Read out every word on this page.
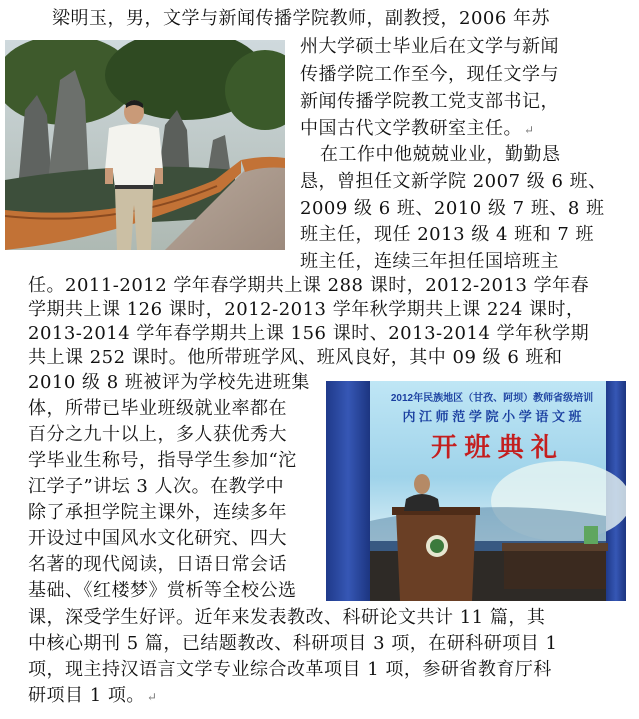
梁明玉，男，文学与新闻传播学院教师，副教授，2006 年苏
州大学硕士毕业后在文学与新闻
传播学院工作至今，现任文学与
新闻传播学院教工党支部书记，
中国古代文学教研室主任。 ↵
在工作中他兢兢业业，勤勤恳
恳，曾担任文新学院 2007 级 6 班、
2009 级 6 班、2010 级 7 班、8 班
班主任，现任 2013 级 4 班和 7 班
班主任，连续三年担任国培班主
任。2011-2012 学年春学期共上课 288 课时，2012-2013 学年春
学期共上课 126 课时，2012-2013 学年秋学期共上课 224 课时，
2013-2014 学年春学期共上课 156 课时、2013-2014 学年秋学期
共上课 252 课时。他所带班学风、班风良好，其中 09 级 6 班和
2010 级 8 班被评为学校先进班集
体，所带已毕业班级就业率都在
百分之九十以上，多人获优秀大
学毕业生称号，指导学生参加“沱
江学子”讲坛 3 人次。在教学中
除了承担学院主课外，连续多年
开设过中国风水文化研究、四大
名著的现代阅读，日语日常会话
基础、《红楼梦》赏析等全校公选
课，深受学生好评。近年来发表教改、科研论文共计 11 篇，其
中核心期刊 5 篇，已结题教改、科研项目 3 项，在研科研项目 1
项，现主持汉语言文学专业综合改革项目 1 项，参研省教育厅科
研项目 1 项。 ↵
2012年民族地区（甘孜、阿坝）教师省级培训
内 江 师 范 学 院 小 学 语 文 班
开 班 典 礼
